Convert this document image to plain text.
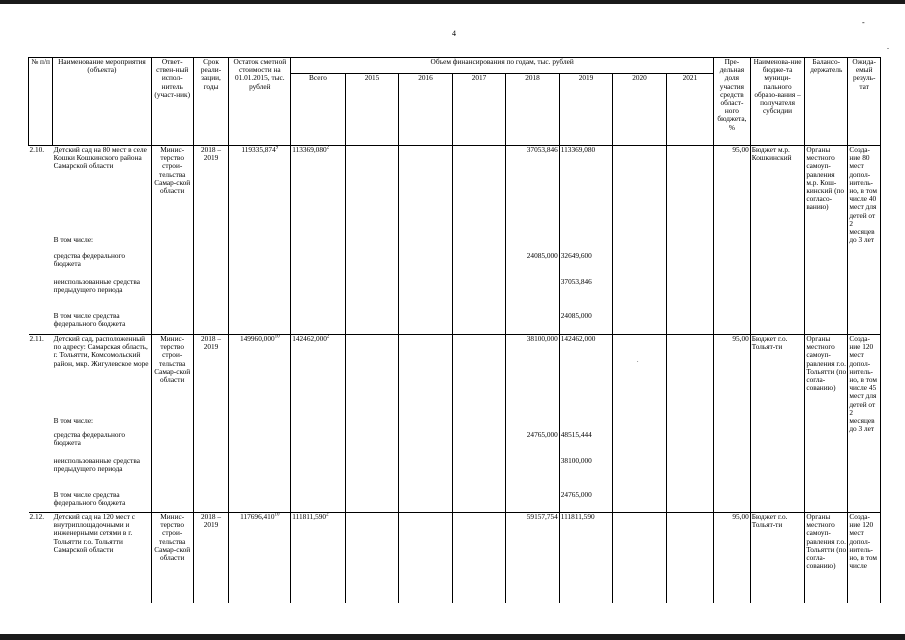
4
-
.
.
№ п/п	Наименование мероприятия (объекта)	Ответ-ствен-ный испол-нитель (участ-ник)	Срок реали-зации, годы	Остаток сметной стоимости на 01.01.2015, тыс. рублей	Объем финансирования по годам, тыс. рублей								Пре-дельная доля участия средств област-ного бюджета, %	Наименова-ние бюдже-та муници-пального образо-вания – получателя субсидии	Балансо-держатель	Ожида-емый резуль-тат
					Всего	2015	2016	2017	2018	2019	2020	2021				
2.10.	Детский сад на 80 мест в селе Кошки Кошкинского района Самарской области	Минис-терство строи-тельства Самар-ской области	2018 – 2019	119335,874$^9$	113369,080$^2$				37053,846	113369,080			95,00	Бюджет м.р. Кошкинский	Органы местного самоуп-равления м.р. Кош-кинский (по согласо-ванию)	Созда-ние 80 мест допол-нитель-но, в том числе 40 мест для детей от 2 месяцев до 3 лет
	В том числе:															
	средства федерального бюджета								24085,000	32649,600						
	неиспользованные средства предыдущего периода									37053,846						
	В том числе средства федерального бюджета									24085,000						
2.11.	Детский сад, расположенный по адресу: Самарская область, г. Тольятти, Комсомольский район, мкр. Жигулевское море	Минис-терство строи-тельства Самар-ской области	2018 – 2019	149960,000$^{10}$	142462,000$^2$				38100,000	142462,000			95,00	Бюджет г.о. Тольят-ти	Органы местного самоуп-равления г.о. Тольятти (по согла-сованию)	Созда-ние 120 мест допол-нитель-но, в том числе 45 мест для детей от 2 месяцев до 3 лет
	В том числе:															
	средства федерального бюджета								24765,000	48515,444						
	неиспользованные средства предыдущего периода									38100,000						
	В том числе средства федерального бюджета									24765,000						
2.12.	Детский сад на 120 мест с внутриплощадочными и инженерными сетями в г. Тольятти г.о. Тольятти Самарской области	Минис-терство строи-тельства Самар-ской области	2018 – 2019	117696,410$^{10}$	111811,590$^2$				59157,754	111811,590			95,00	Бюджет г.о. Тольят-ти	Органы местного самоуп-равления г.о. Тольятти (по согла-сованию)	Созда-ние 120 мест допол-нитель-но, в том числе
